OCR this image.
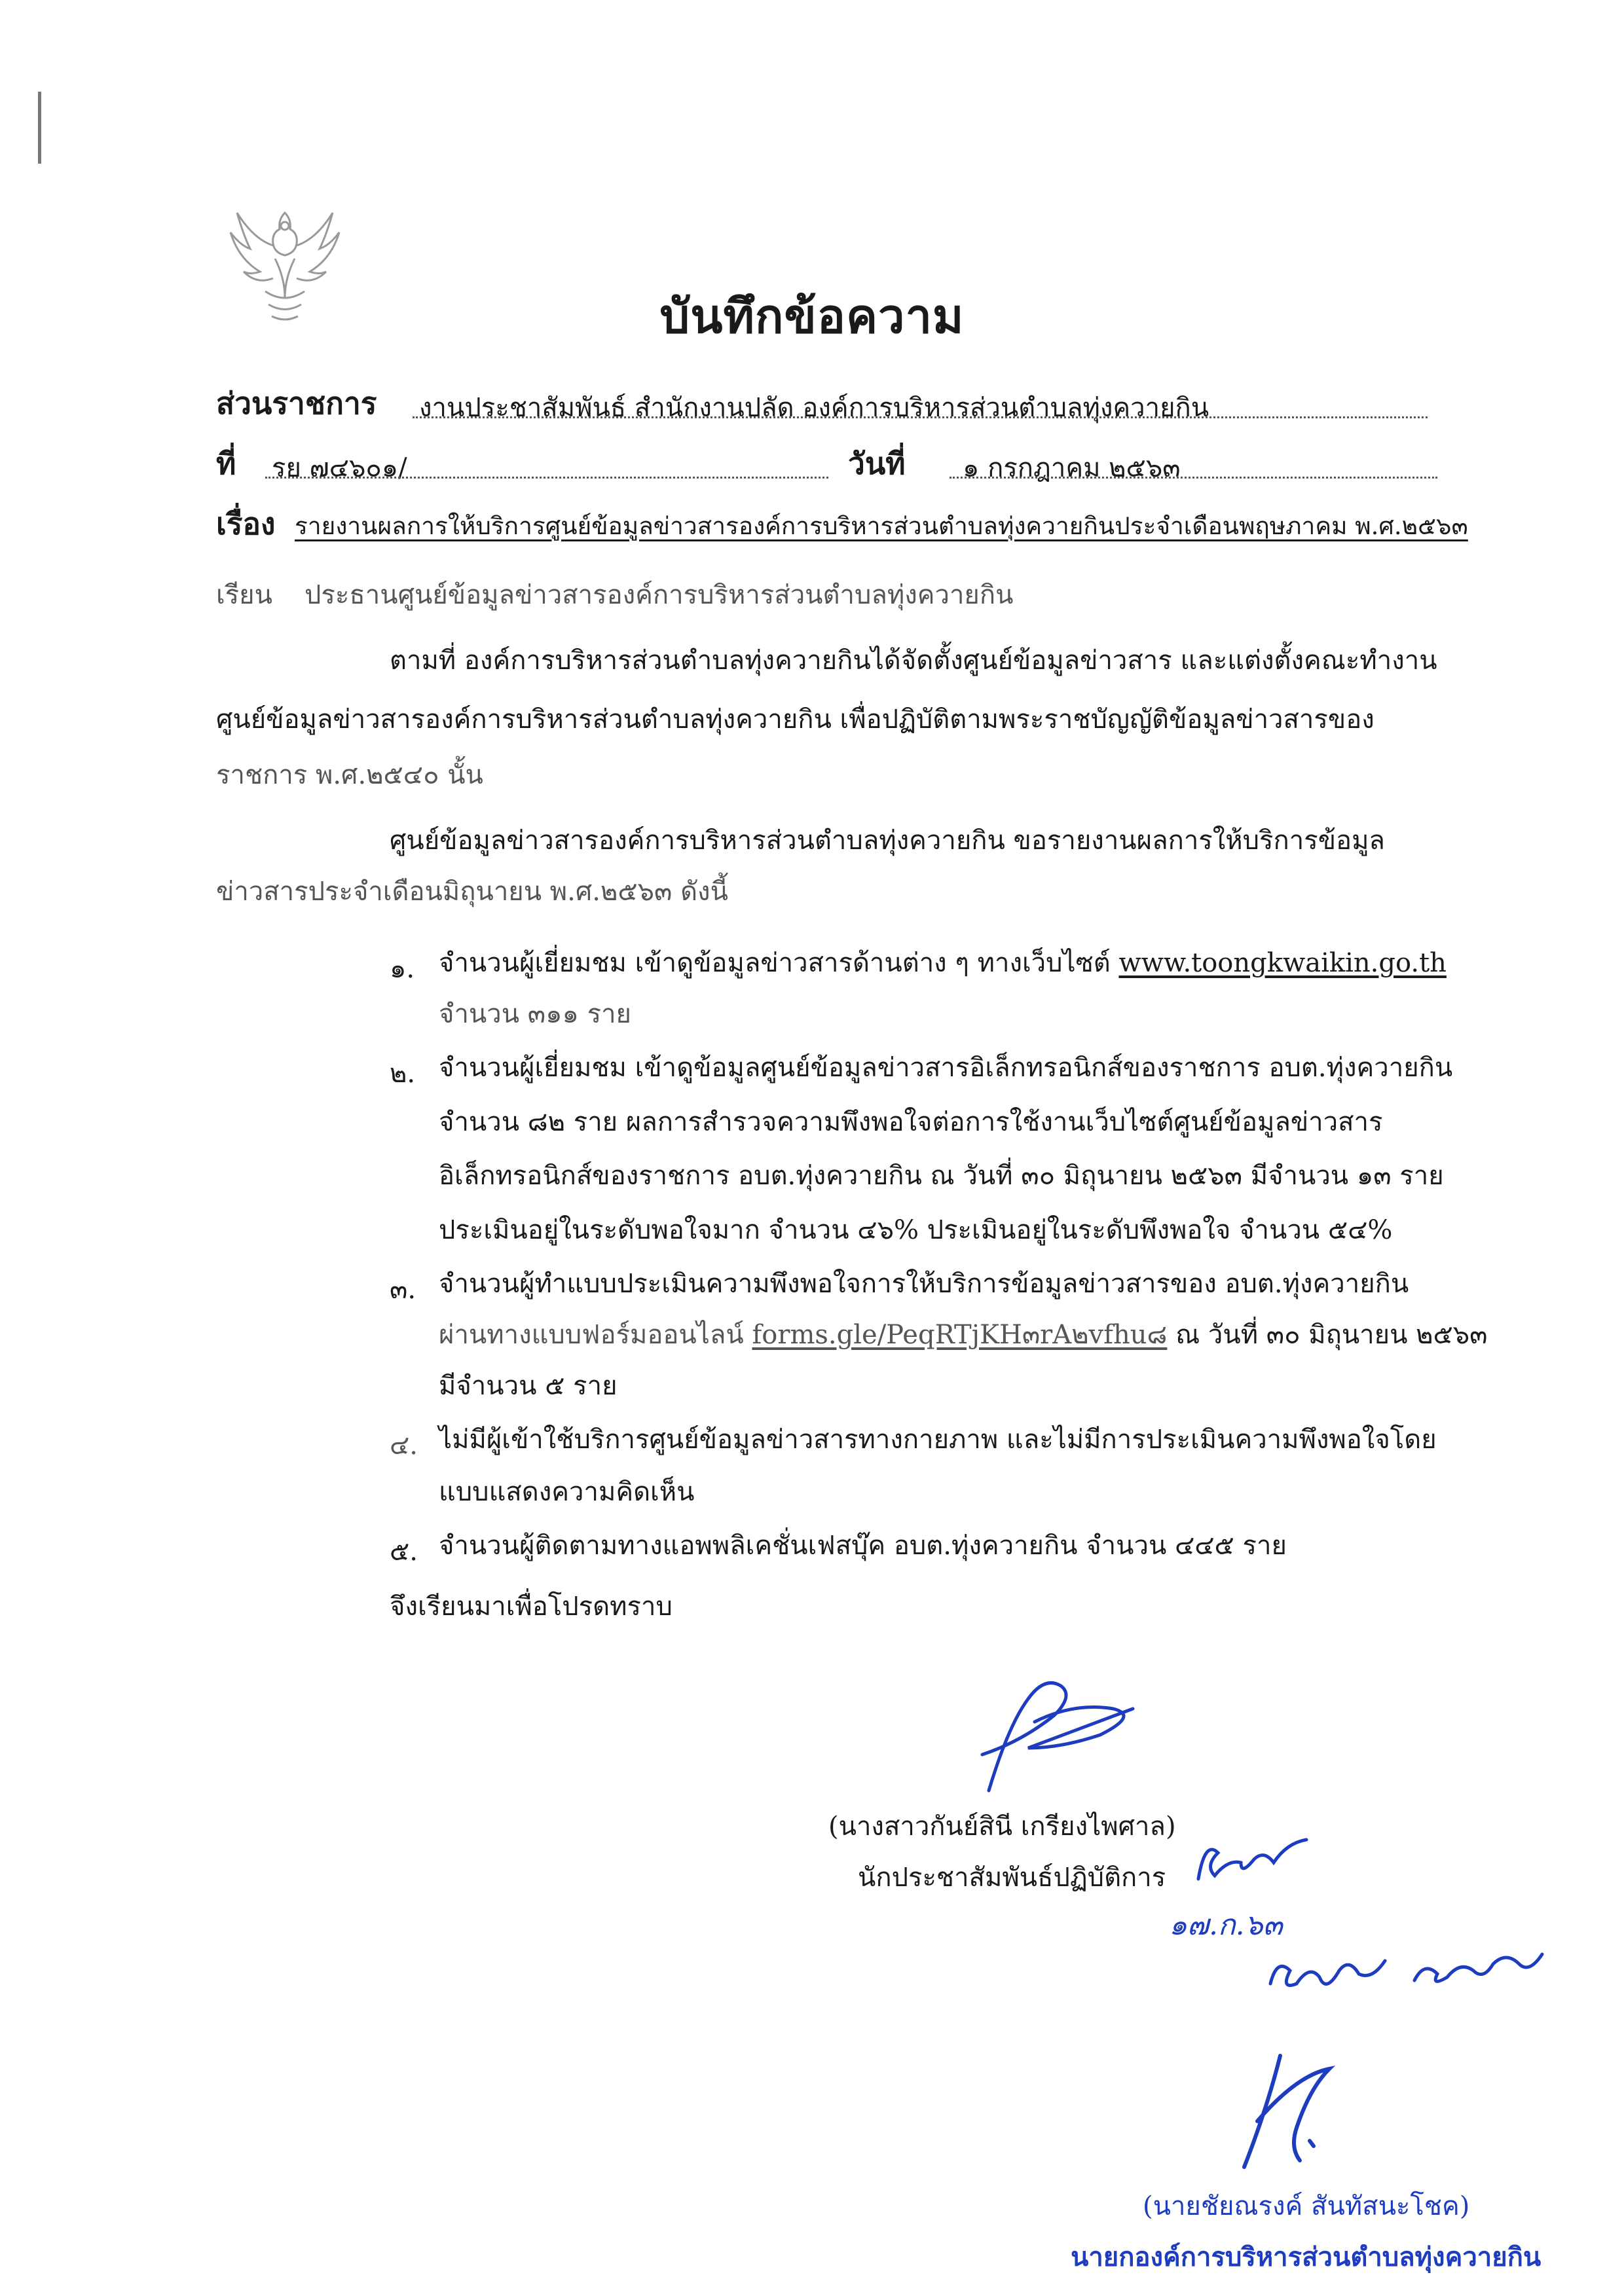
บันทึกข้อความ
ส่วนราชการ งานประชาสัมพันธ์ สำนักงานปลัด องค์การบริหารส่วนตำบลทุ่งควายกิน
ที่ รย ๗๔๖๐๑/	วันที่ ๑ กรกฎาคม ๒๕๖๓
เรื่อง รายงานผลการให้บริการศูนย์ข้อมูลข่าวสารองค์การบริหารส่วนตำบลทุ่งควายกินประจำเดือนพฤษภาคม พ.ศ.๒๕๖๓
เรียน ประธานศูนย์ข้อมูลข่าวสารองค์การบริหารส่วนตำบลทุ่งควายกิน
ตามที่ องค์การบริหารส่วนตำบลทุ่งควายกินได้จัดตั้งศูนย์ข้อมูลข่าวสาร และแต่งตั้งคณะทำงาน
ศูนย์ข้อมูลข่าวสารองค์การบริหารส่วนตำบลทุ่งควายกิน เพื่อปฏิบัติตามพระราชบัญญัติข้อมูลข่าวสารของ
ราชการ พ.ศ.๒๕๔๐ นั้น
ศูนย์ข้อมูลข่าวสารองค์การบริหารส่วนตำบลทุ่งควายกิน ขอรายงานผลการให้บริการข้อมูล
ข่าวสารประจำเดือนมิถุนายน พ.ศ.๒๕๖๓ ดังนี้
๑. จำนวนผู้เยี่ยมชม เข้าดูข้อมูลข่าวสารด้านต่าง ๆ ทางเว็บไซต์ www.toongkwaikin.go.th
จำนวน ๓๑๑ ราย
๒. จำนวนผู้เยี่ยมชม เข้าดูข้อมูลศูนย์ข้อมูลข่าวสารอิเล็กทรอนิกส์ของราชการ อบต.ทุ่งควายกิน
จำนวน ๘๒ ราย ผลการสำรวจความพึงพอใจต่อการใช้งานเว็บไซต์ศูนย์ข้อมูลข่าวสาร
อิเล็กทรอนิกส์ของราชการ อบต.ทุ่งควายกิน ณ วันที่ ๓๐ มิถุนายน ๒๕๖๓ มีจำนวน ๑๓ ราย
ประเมินอยู่ในระดับพอใจมาก จำนวน ๔๖% ประเมินอยู่ในระดับพึงพอใจ จำนวน ๕๔%
๓. จำนวนผู้ทำแบบประเมินความพึงพอใจการให้บริการข้อมูลข่าวสารของ อบต.ทุ่งควายกิน
ผ่านทางแบบฟอร์มออนไลน์ forms.gle/PeqRTjKH๓rA๒vfhu๘ ณ วันที่ ๓๐ มิถุนายน ๒๕๖๓
มีจำนวน ๕ ราย
๔. ไม่มีผู้เข้าใช้บริการศูนย์ข้อมูลข่าวสารทางกายภาพ และไม่มีการประเมินความพึงพอใจโดย
แบบแสดงความคิดเห็น
๕. จำนวนผู้ติดตามทางแอพพลิเคชั่นเฟสบุ๊ค อบต.ทุ่งควายกิน จำนวน ๔๔๕ ราย
จึงเรียนมาเพื่อโปรดทราบ
(นางสาวกันย์สินี เกรียงไพศาล)
นักประชาสัมพันธ์ปฏิบัติการ
๑๗.ก.๖๓
(นายชัยณรงค์ สันทัสนะโชค)
นายกองค์การบริหารส่วนตำบลทุ่งควายกิน
